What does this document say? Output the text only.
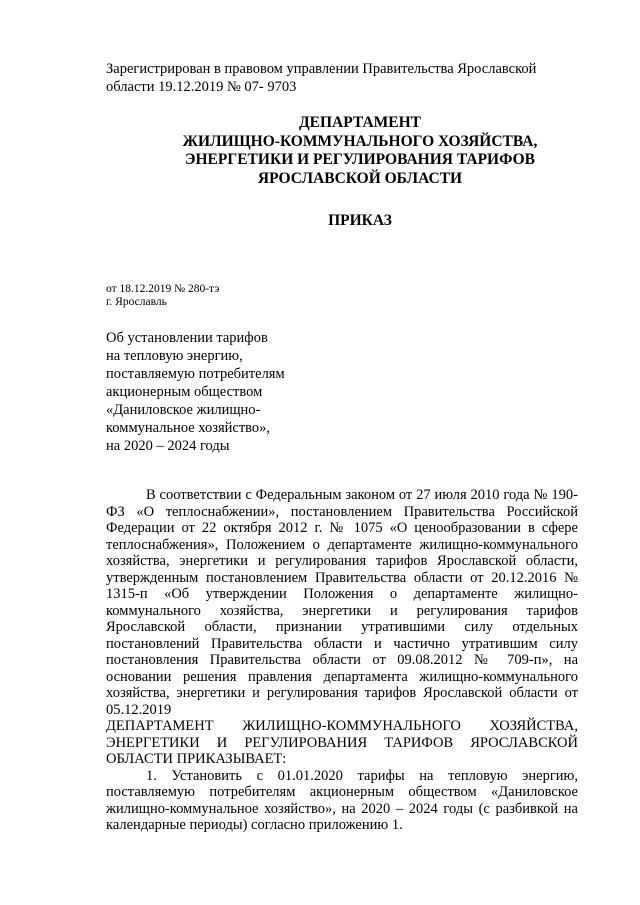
Зарегистрирован в правовом управлении Правительства Ярославской
области 19.12.2019 № 07- 9703
ДЕПАРТАМЕНТ
ЖИЛИЩНО-КОММУНАЛЬНОГО ХОЗЯЙСТВА,
ЭНЕРГЕТИКИ И РЕГУЛИРОВАНИЯ ТАРИФОВ
ЯРОСЛАВСКОЙ ОБЛАСТИ
ПРИКАЗ
от 18.12.2019 № 280-тэ
г. Ярославль
Об установлении тарифов
на тепловую энергию,
поставляемую потребителям
акционерным обществом
«Даниловское жилищно-
коммунальное хозяйство»,
на 2020 – 2024 годы

В соответствии с Федеральным законом от 27 июля 2010 года № 190-ФЗ «О теплоснабжении», постановлением Правительства Российской Федерации от 22 октября 2012 г. № 1075 «О ценообразовании в сфере теплоснабжения», Положением о департаменте жилищно-коммунального хозяйства, энергетики и регулирования тарифов Ярославской области, утвержденным постановлением Правительства области от 20.12.2016 № 1315-п «Об утверждении Положения о департаменте жилищно-коммунального хозяйства, энергетики и регулирования тарифов Ярославской области, признании утратившими силу отдельных постановлений Правительства области и частично утратившим силу постановления Правительства области от 09.08.2012 № 709-п», на основании решения правления департамента жилищно-коммунального хозяйства, энергетики и регулирования тарифов Ярославской области от 05.12.2019

ДЕПАРТАМЕНТ ЖИЛИЩНО-КОММУНАЛЬНОГО ХОЗЯЙСТВА, ЭНЕРГЕТИКИ И РЕГУЛИРОВАНИЯ ТАРИФОВ ЯРОСЛАВСКОЙ ОБЛАСТИ ПРИКАЗЫВАЕТ:

1. Установить с 01.01.2020 тарифы на тепловую энергию, поставляемую потребителям акционерным обществом «Даниловское жилищно-коммунальное хозяйство», на 2020 – 2024 годы (с разбивкой на календарные периоды) согласно приложению 1.
